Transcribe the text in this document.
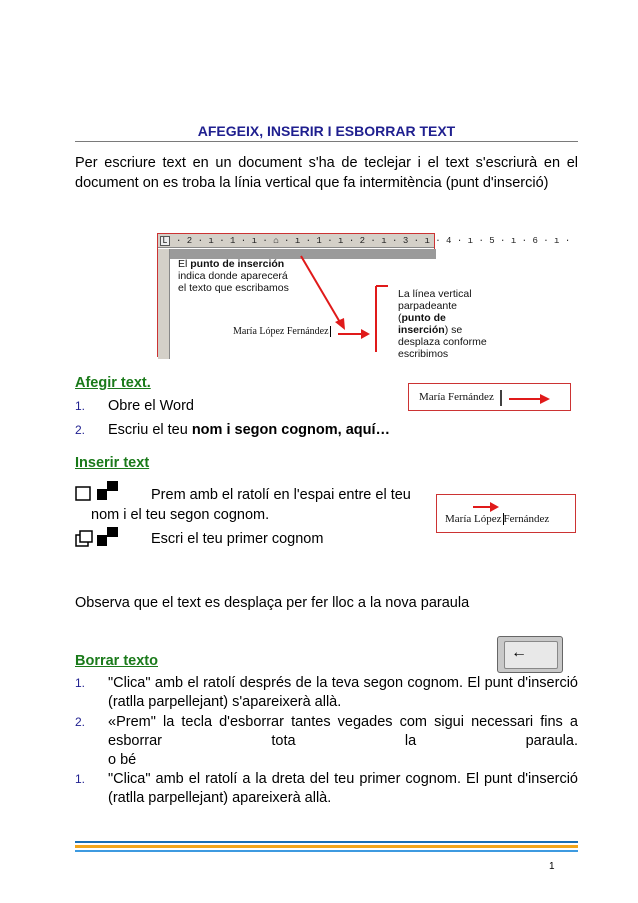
AFEGEIX, INSERIR I ESBORRAR TEXT
Per escriure text en un document s'ha de teclejar i el text s'escriurà en el document on es troba la línia vertical que fa intermitència (punt d'inserció)
· 2 · ı · 1 · ı · ⌂ · ı · 1 · ı · 2 · ı · 3 · ı · 4 · ı · 5 · ı · 6 · ı ·
L
El punto de inserción indica donde aparecerá el texto que escribamos	La línea vertical parpadeante (punto de inserción) se desplaza conforme escribimos
María López Fernández
Afegir text.
1. Obre el Word
2. Escriu el teu nom i segon cognom, aquí…
María Fernández
Inserir text
Prem amb el ratolí en l'espai entre el teu
nom i el teu segon cognom.
Escri el teu primer cognom
María López Fernández
Observa que el text es desplaça per fer lloc a la nova paraula
Borrar texto	←
1. "Clica" amb el ratolí després de la teva segon cognom. El punt d'inserció (ratlla parpellejant) s'apareixerà allà.
2. «Prem" la tecla d'esborrar tantes vegades com sigui necessari fins a esborrar tota la paraula.
o bé
1. "Clica" amb el ratolí a la dreta del teu primer cognom. El punt d'inserció (ratlla parpellejant) apareixerà allà.
1
